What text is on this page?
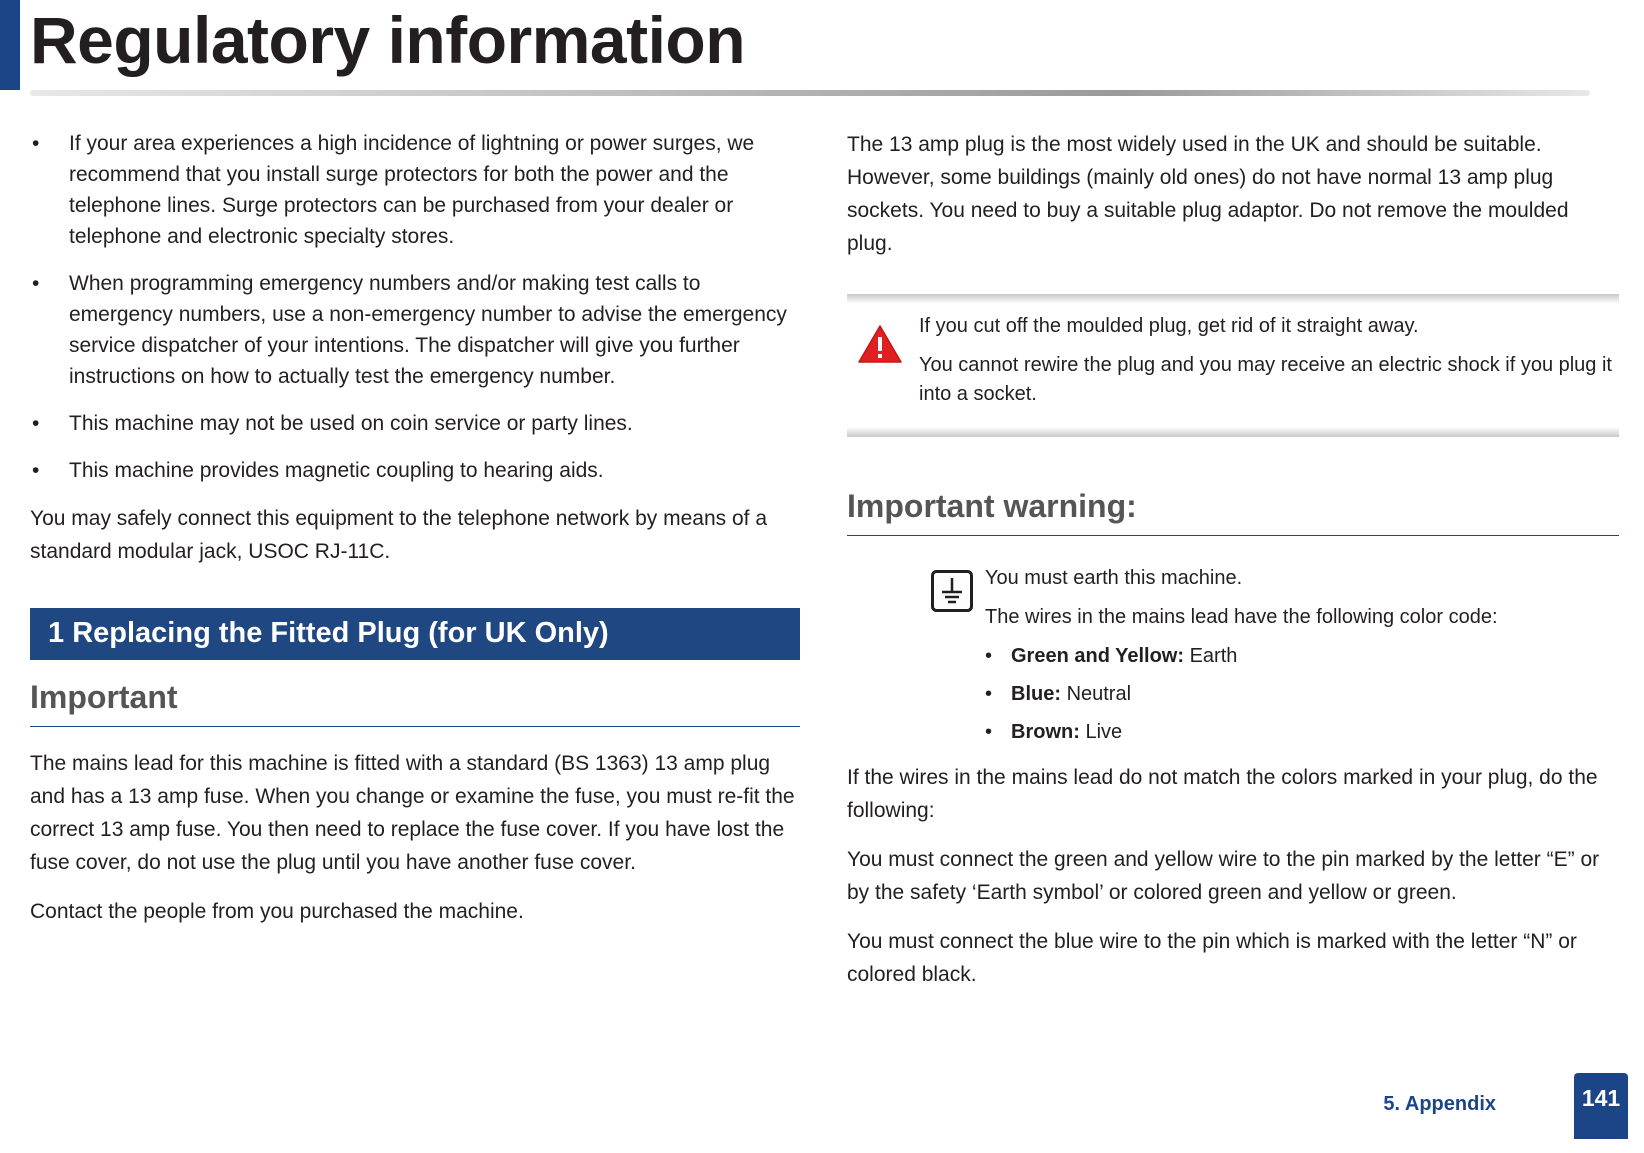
Regulatory information
• If your area experiences a high incidence of lightning or power surges, we recommend that you install surge protectors for both the power and the telephone lines. Surge protectors can be purchased from your dealer or telephone and electronic specialty stores.
• When programming emergency numbers and/or making test calls to emergency numbers, use a non-emergency number to advise the emergency service dispatcher of your intentions. The dispatcher will give you further instructions on how to actually test the emergency number.
• This machine may not be used on coin service or party lines.
• This machine provides magnetic coupling to hearing aids.

You may safely connect this equipment to the telephone network by means of a standard modular jack, USOC RJ-11C.

1 Replacing the Fitted Plug (for UK Only)
Important

The mains lead for this machine is fitted with a standard (BS 1363) 13 amp plug and has a 13 amp fuse. When you change or examine the fuse, you must re-fit the correct 13 amp fuse. You then need to replace the fuse cover. If you have lost the fuse cover, do not use the plug until you have another fuse cover.

Contact the people from you purchased the machine.

The 13 amp plug is the most widely used in the UK and should be suitable. However, some buildings (mainly old ones) do not have normal 13 amp plug sockets. You need to buy a suitable plug adaptor. Do not remove the moulded plug.

If you cut off the moulded plug, get rid of it straight away.

You cannot rewire the plug and you may receive an electric shock if you plug it into a socket.

Important warning:

You must earth this machine.

The wires in the mains lead have the following color code:

• Green and Yellow: Earth
• Blue: Neutral
• Brown: Live

If the wires in the mains lead do not match the colors marked in your plug, do the following:

You must connect the green and yellow wire to the pin marked by the letter “E” or by the safety ‘Earth symbol’ or colored green and yellow or green.

You must connect the blue wire to the pin which is marked with the letter “N” or colored black.

5. Appendix	141
